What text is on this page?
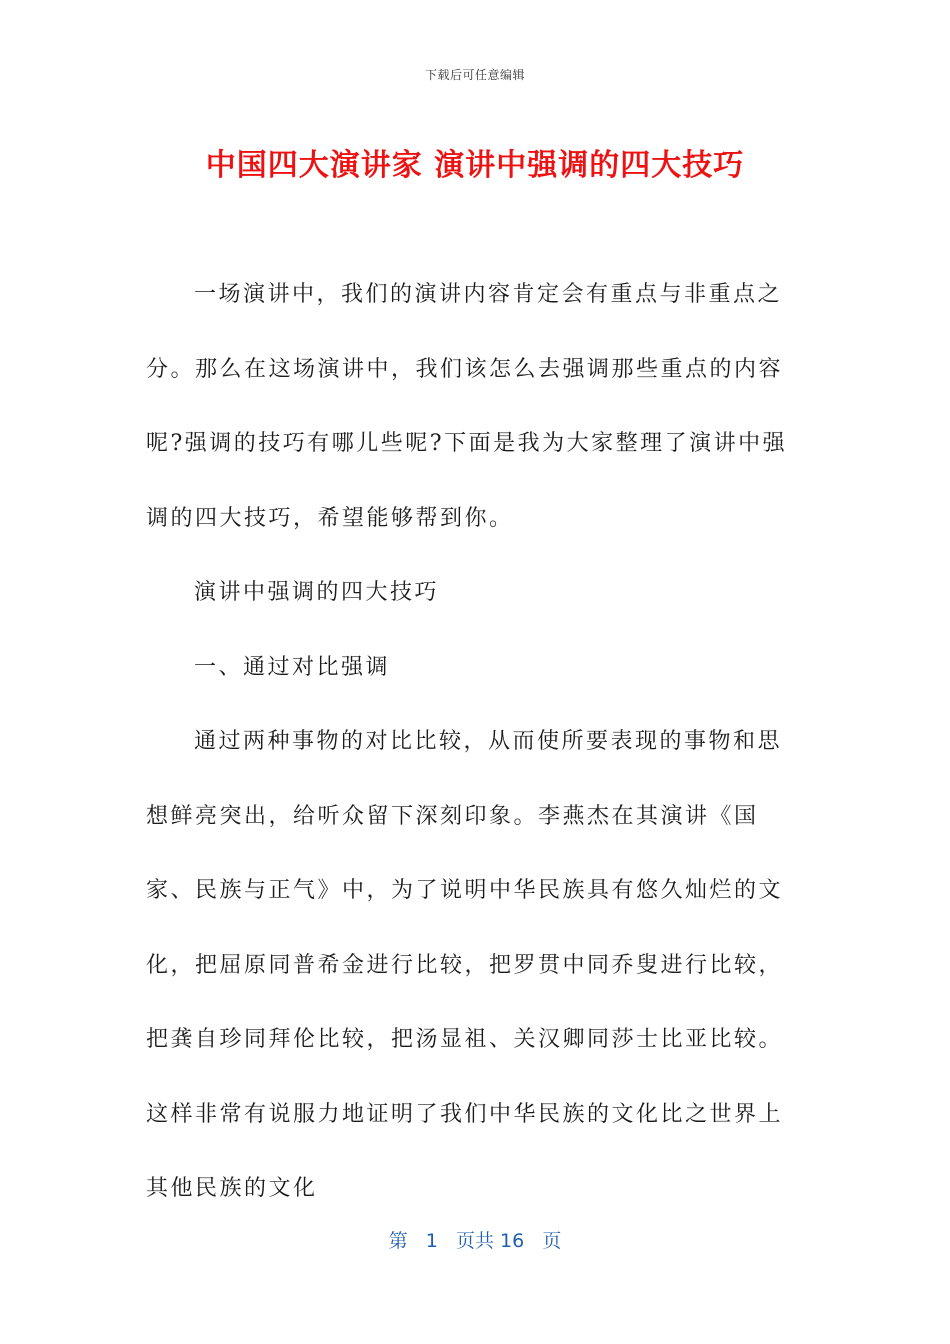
下载后可任意编辑
中国四大演讲家 演讲中强调的四大技巧

一场演讲中，我们的演讲内容肯定会有重点与非重点之分。那么在这场演讲中，我们该怎么去强调那些重点的内容呢?强调的技巧有哪儿些呢?下面是我为大家整理了演讲中强调的四大技巧，希望能够帮到你。

演讲中强调的四大技巧

一、通过对比强调

通过两种事物的对比比较，从而使所要表现的事物和思想鲜亮突出，给听众留下深刻印象。李燕杰在其演讲《国家、民族与正气》中，为了说明中华民族具有悠久灿烂的文化，把屈原同普希金进行比较，把罗贯中同乔叟进行比较，把龚自珍同拜伦比较，把汤显祖、关汉卿同莎士比亚比较。这样非常有说服力地证明了我们中华民族的文化比之世界上其他民族的文化

第 1 页共 16 页
